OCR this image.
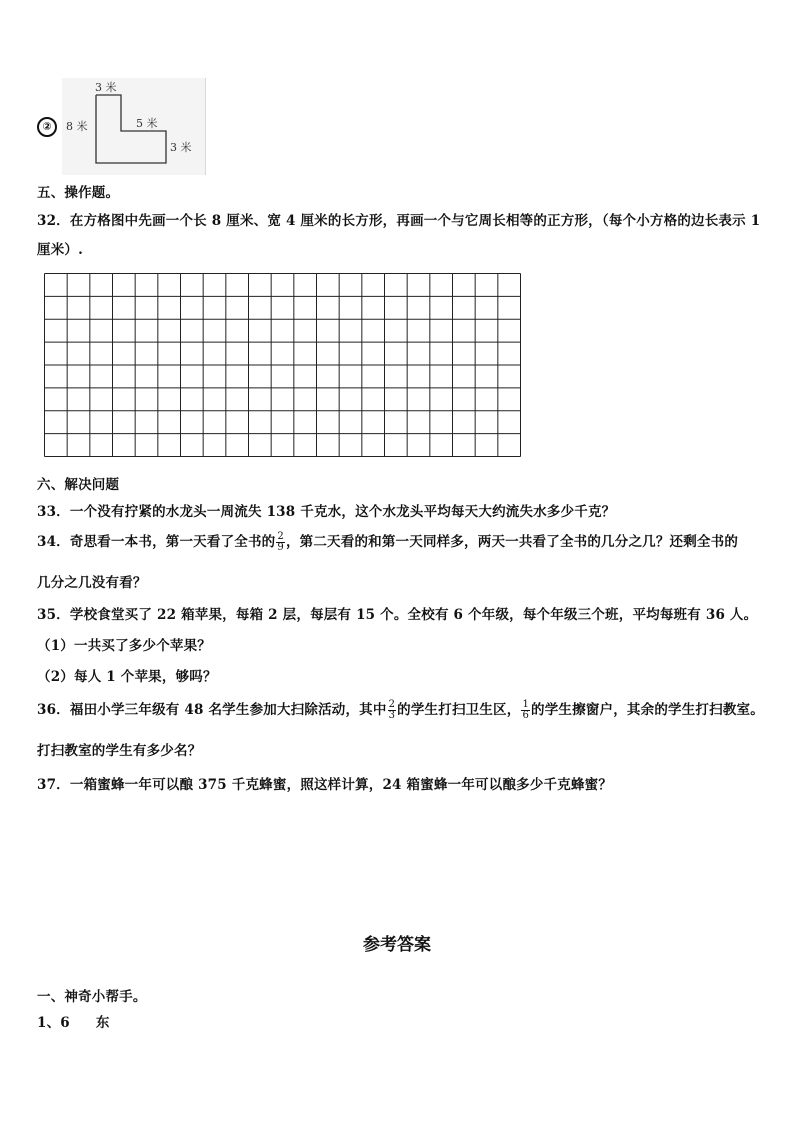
②
3 米
8 米	5 米
3 米
五、操作题。
32．在方格图中先画一个长 8 厘米、宽 4 厘米的长方形，再画一个与它周长相等的正方形，（每个小方格的边长表示 1
厘米）.
六、解决问题
33．一个没有拧紧的水龙头一周流失 138 千克水，这个水龙头平均每天大约流失水多少千克？
34．奇思看一本书，第一天看了全书的 $\frac{2}{9}$ ，第二天看的和第一天同样多，两天一共看了全书的几分之几？还剩全书的
几分之几没有看？
35．学校食堂买了 22 箱苹果，每箱 2 层，每层有 15 个。全校有 6 个年级，每个年级三个班，平均每班有 36 人。
（1）一共买了多少个苹果？
（2）每人 1 个苹果，够吗？
36．福田小学三年级有 48 名学生参加大扫除活动，其中 $\frac{2}{3}$ 的学生打扫卫生区， $\frac{1}{6}$ 的学生擦窗户，其余的学生打扫教室。
打扫教室的学生有多少名？
37．一箱蜜蜂一年可以酿 375 千克蜂蜜，照这样计算，24 箱蜜蜂一年可以酿多少千克蜂蜜？
参考答案
一、神奇小帮手。
1、6 东
